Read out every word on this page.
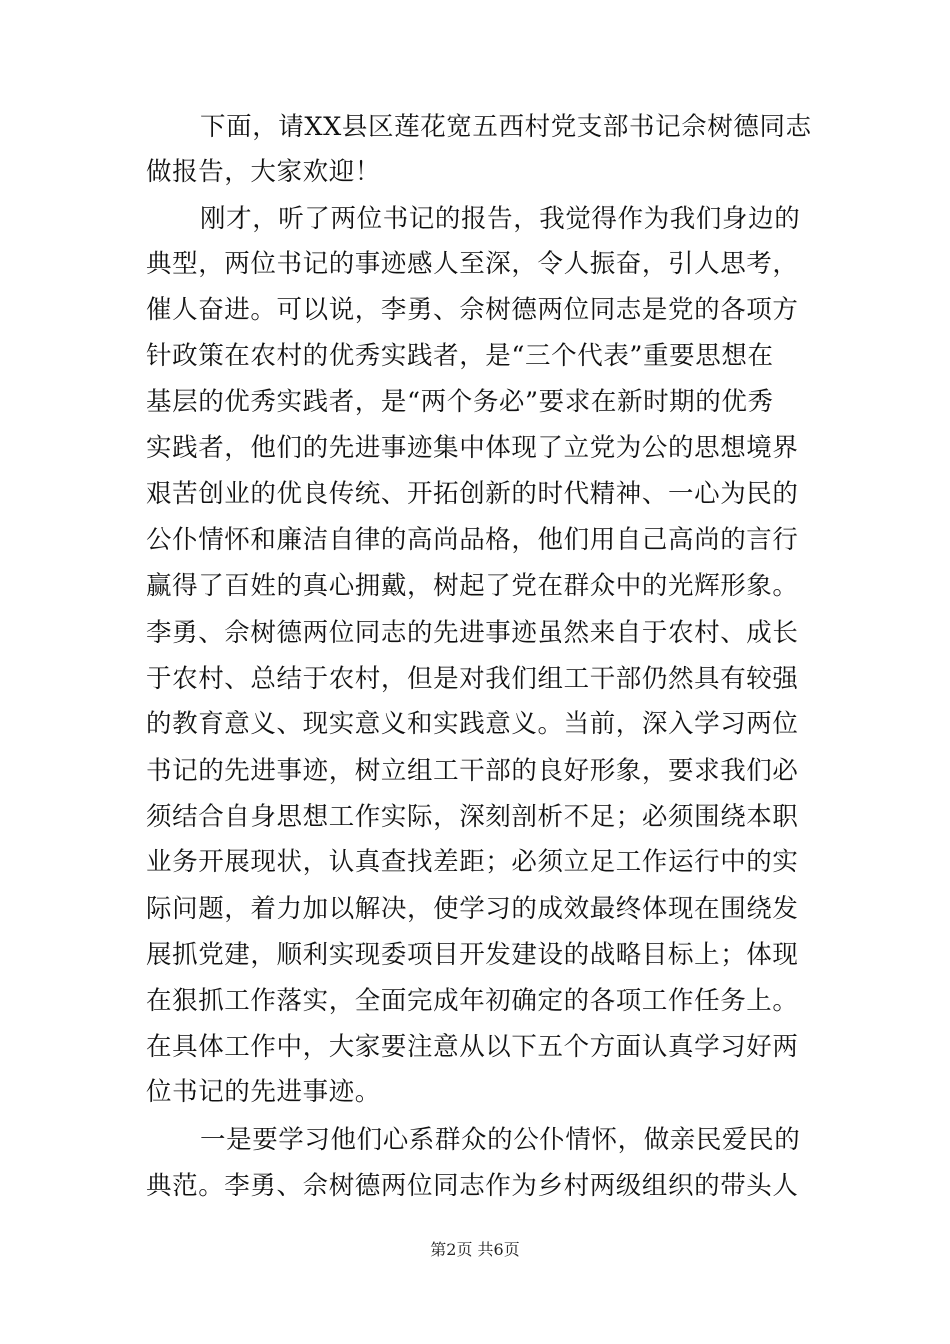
下面，请XX县区莲花宽五西村党支部书记佘树德同志
做报告，大家欢迎！
刚才，听了两位书记的报告，我觉得作为我们身边的
典型，两位书记的事迹感人至深，令人振奋，引人思考，
催人奋进。可以说，李勇、佘树德两位同志是党的各项方
针政策在农村的优秀实践者，是“三个代表”重要思想在
基层的优秀实践者，是“两个务必”要求在新时期的优秀
实践者，他们的先进事迹集中体现了立党为公的思想境界
艰苦创业的优良传统、开拓创新的时代精神、一心为民的
公仆情怀和廉洁自律的高尚品格，他们用自己高尚的言行
赢得了百姓的真心拥戴，树起了党在群众中的光辉形象。
李勇、佘树德两位同志的先进事迹虽然来自于农村、成长
于农村、总结于农村，但是对我们组工干部仍然具有较强
的教育意义、现实意义和实践意义。当前，深入学习两位
书记的先进事迹，树立组工干部的良好形象，要求我们必
须结合自身思想工作实际，深刻剖析不足；必须围绕本职
业务开展现状，认真查找差距；必须立足工作运行中的实
际问题，着力加以解决，使学习的成效最终体现在围绕发
展抓党建，顺利实现委项目开发建设的战略目标上；体现
在狠抓工作落实，全面完成年初确定的各项工作任务上。
在具体工作中，大家要注意从以下五个方面认真学习好两
位书记的先进事迹。
一是要学习他们心系群众的公仆情怀，做亲民爱民的
典范。李勇、佘树德两位同志作为乡村两级组织的带头人
第2页 共6页
